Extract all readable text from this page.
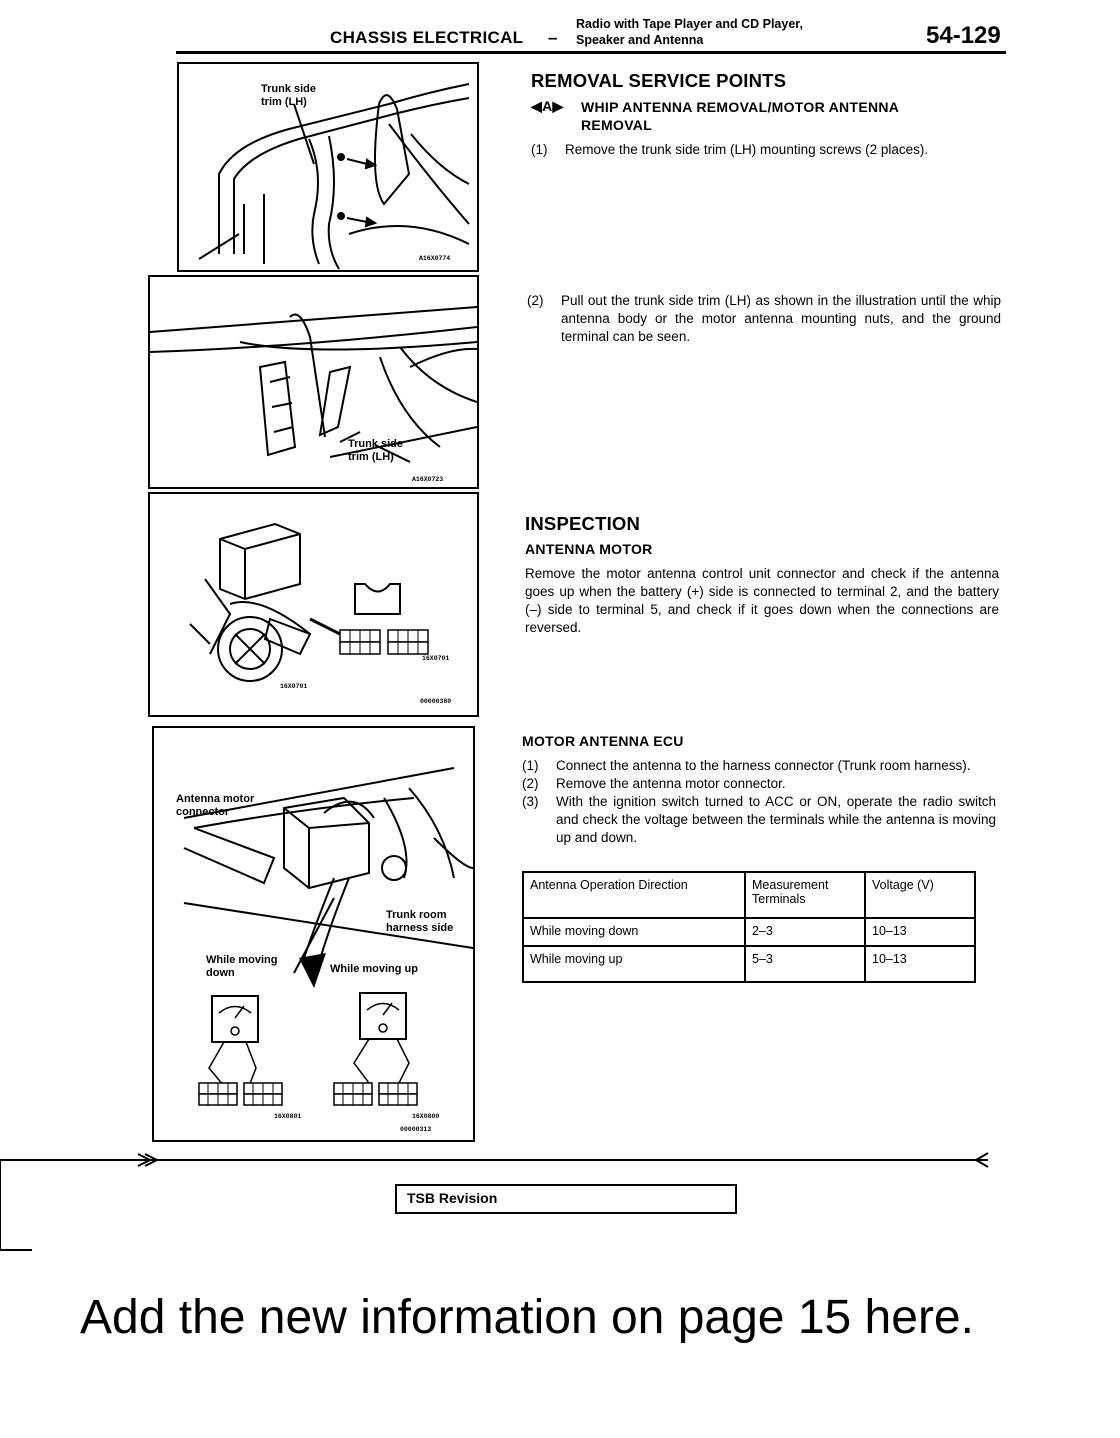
Radio with Tape Player and CD Player,
Speaker and Antenna
CHASSIS ELECTRICAL –	54-129
Trunk side
trim (LH)
A16X0774
Trunk side
trim (LH)
A16X0723
16X0701
16X0701
00000380
Antenna motor
connector
Trunk room
harness side
While moving
down	While moving up
16X0801	16X0800
00000313
REMOVAL SERVICE POINTS
◀A▶	WHIP ANTENNA REMOVAL/MOTOR ANTENNA
REMOVAL
(1)	Remove the trunk side trim (LH) mounting screws (2 places).
(2)	Pull out the trunk side trim (LH) as shown in the illustration until the whip antenna body or the motor antenna mounting nuts, and the ground terminal can be seen.
INSPECTION
ANTENNA MOTOR
Remove the motor antenna control unit connector and check if the antenna goes up when the battery (+) side is connected to terminal 2, and the battery (–) side to terminal 5, and check if it goes down when the connections are reversed.
MOTOR ANTENNA ECU
(1)	Connect the antenna to the harness connector (Trunk room harness).
(2)	Remove the antenna motor connector.
(3)	With the ignition switch turned to ACC or ON, operate the radio switch and check the voltage between the terminals while the antenna is moving up and down.
Antenna Operation Direction	Measurement Terminals	Voltage (V)
While moving down	2–3	10–13
While moving up	5–3	10–13
TSB Revision
Add the new information on page 15 here.
